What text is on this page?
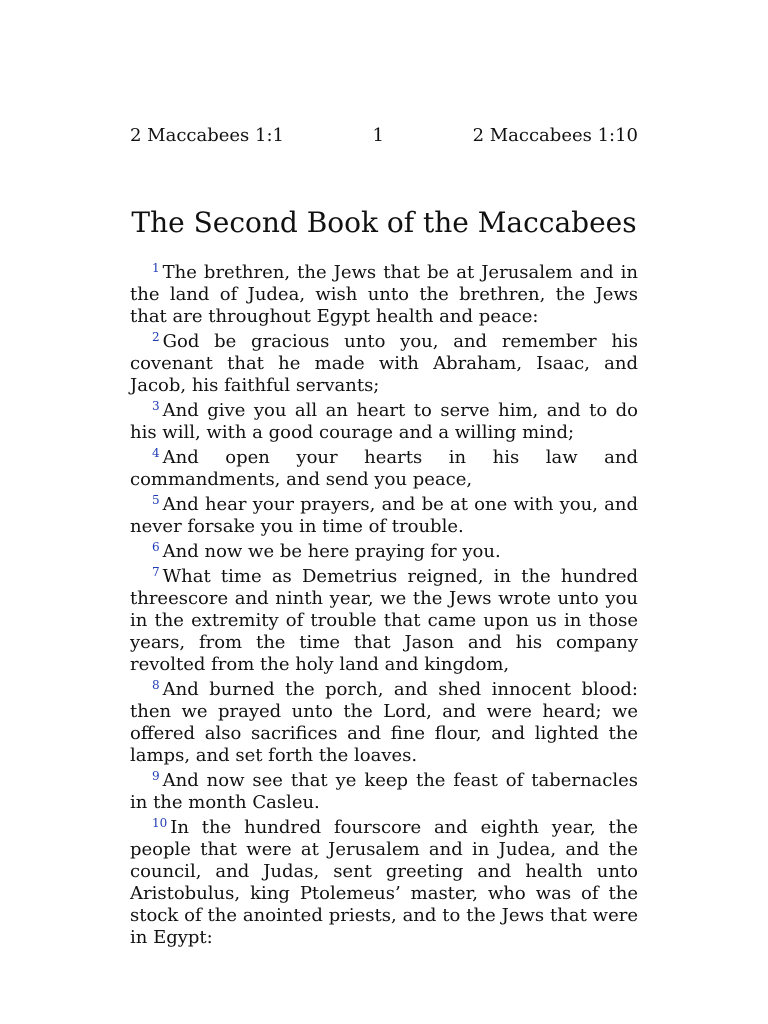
2 Maccabees 1:1	1	2 Maccabees 1:10
The Second Book of the Maccabees

$^1$ The brethren, the Jews that be at Jerusalem and in the land of Judea, wish unto the brethren, the Jews that are throughout Egypt health and peace:

$^2$ God be gracious unto you, and remember his covenant that he made with Abraham, Isaac, and Jacob, his faithful servants;

$^3$ And give you all an heart to serve him, and to do his will, with a good courage and a willing mind;

$^4$ And open your hearts in his law and commandments, and send you peace,

$^5$ And hear your prayers, and be at one with you, and never forsake you in time of trouble.

$^6$ And now we be here praying for you.

$^7$ What time as Demetrius reigned, in the hundred threescore and ninth year, we the Jews wrote unto you in the extremity of trouble that came upon us in those years, from the time that Jason and his company revolted from the holy land and kingdom,

$^8$ And burned the porch, and shed innocent blood: then we prayed unto the Lord, and were heard; we offered also sacrifices and fine flour, and lighted the lamps, and set forth the loaves.

$^9$ And now see that ye keep the feast of tabernacles in the month Casleu.

$^{10}$ In the hundred fourscore and eighth year, the people that were at Jerusalem and in Judea, and the council, and Judas, sent greeting and health unto Aristobulus, king Ptolemeus’ master, who was of the stock of the anointed priests, and to the Jews that were in Egypt:
